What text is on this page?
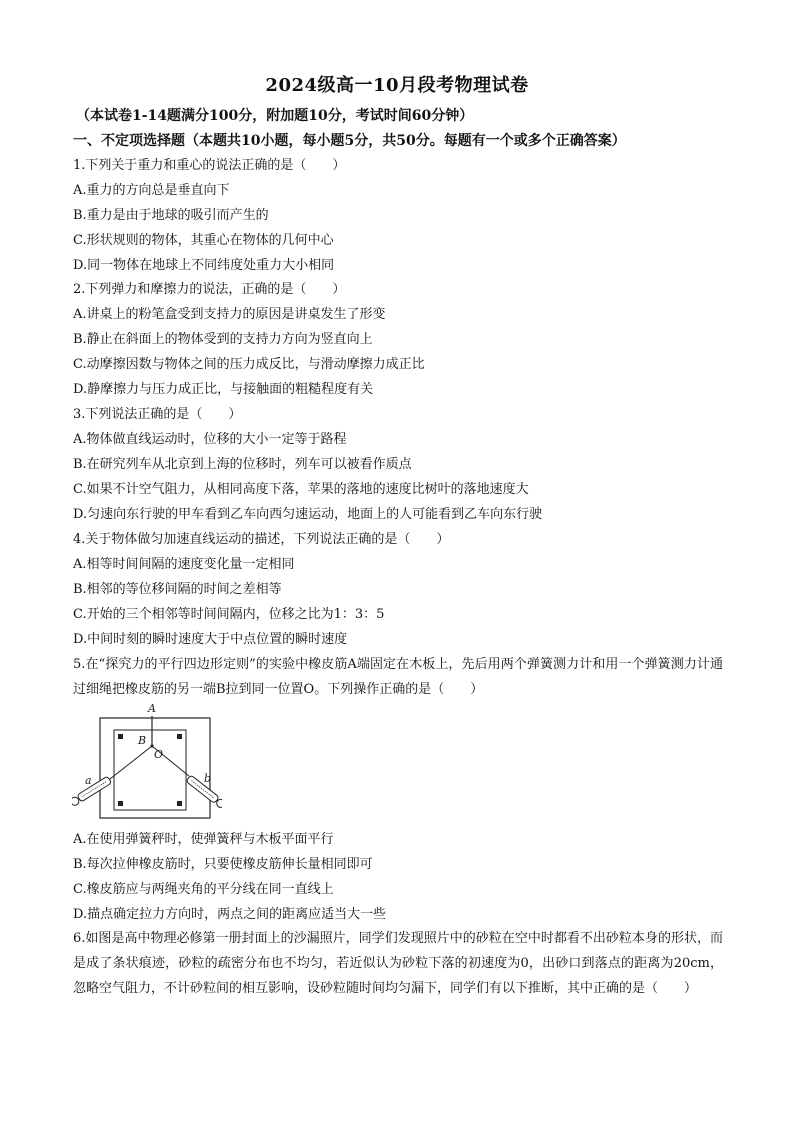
2024级高一10月段考物理试卷
（本试卷1-14题满分100分，附加题10分，考试时间60分钟）
一、不定项选择题（本题共10小题，每小题5分，共50分。每题有一个或多个正确答案）
1.下列关于重力和重心的说法正确的是（　　）
A.重力的方向总是垂直向下
B.重力是由于地球的吸引而产生的
C.形状规则的物体，其重心在物体的几何中心
D.同一物体在地球上不同纬度处重力大小相同
2.下列弹力和摩擦力的说法，正确的是（　　）
A.讲桌上的粉笔盒受到支持力的原因是讲桌发生了形变
B.静止在斜面上的物体受到的支持力方向为竖直向上
C.动摩擦因数与物体之间的压力成反比，与滑动摩擦力成正比
D.静摩擦力与压力成正比，与接触面的粗糙程度有关
3.下列说法正确的是（　　）
A.物体做直线运动时，位移的大小一定等于路程
B.在研究列车从北京到上海的位移时，列车可以被看作质点
C.如果不计空气阻力，从相同高度下落，苹果的落地的速度比树叶的落地速度大
D.匀速向东行驶的甲车看到乙车向西匀速运动，地面上的人可能看到乙车向东行驶
4.关于物体做匀加速直线运动的描述，下列说法正确的是（　　）
A.相等时间间隔的速度变化量一定相同
B.相邻的等位移间隔的时间之差相等
C.开始的三个相邻等时间间隔内，位移之比为1：3：5
D.中间时刻的瞬时速度大于中点位置的瞬时速度
5.在“探究力的平行四边形定则”的实验中橡皮筋A端固定在木板上，先后用两个弹簧测力计和用一个弹簧测力计通过细绳把橡皮筋的另一端B拉到同一位置O。下列操作正确的是（　　）
A
B
O
a	b
A.在使用弹簧秤时，使弹簧秤与木板平面平行
B.每次拉伸橡皮筋时，只要使橡皮筋伸长量相同即可
C.橡皮筋应与两绳夹角的平分线在同一直线上
D.描点确定拉力方向时，两点之间的距离应适当大一些
6.如图是高中物理必修第一册封面上的沙漏照片，同学们发现照片中的砂粒在空中时都看不出砂粒本身的形状，而是成了条状痕迹，砂粒的疏密分布也不均匀，若近似认为砂粒下落的初速度为0，出砂口到落点的距离为20cm，忽略空气阻力，不计砂粒间的相互影响，设砂粒随时间均匀漏下，同学们有以下推断，其中正确的是（　　）
